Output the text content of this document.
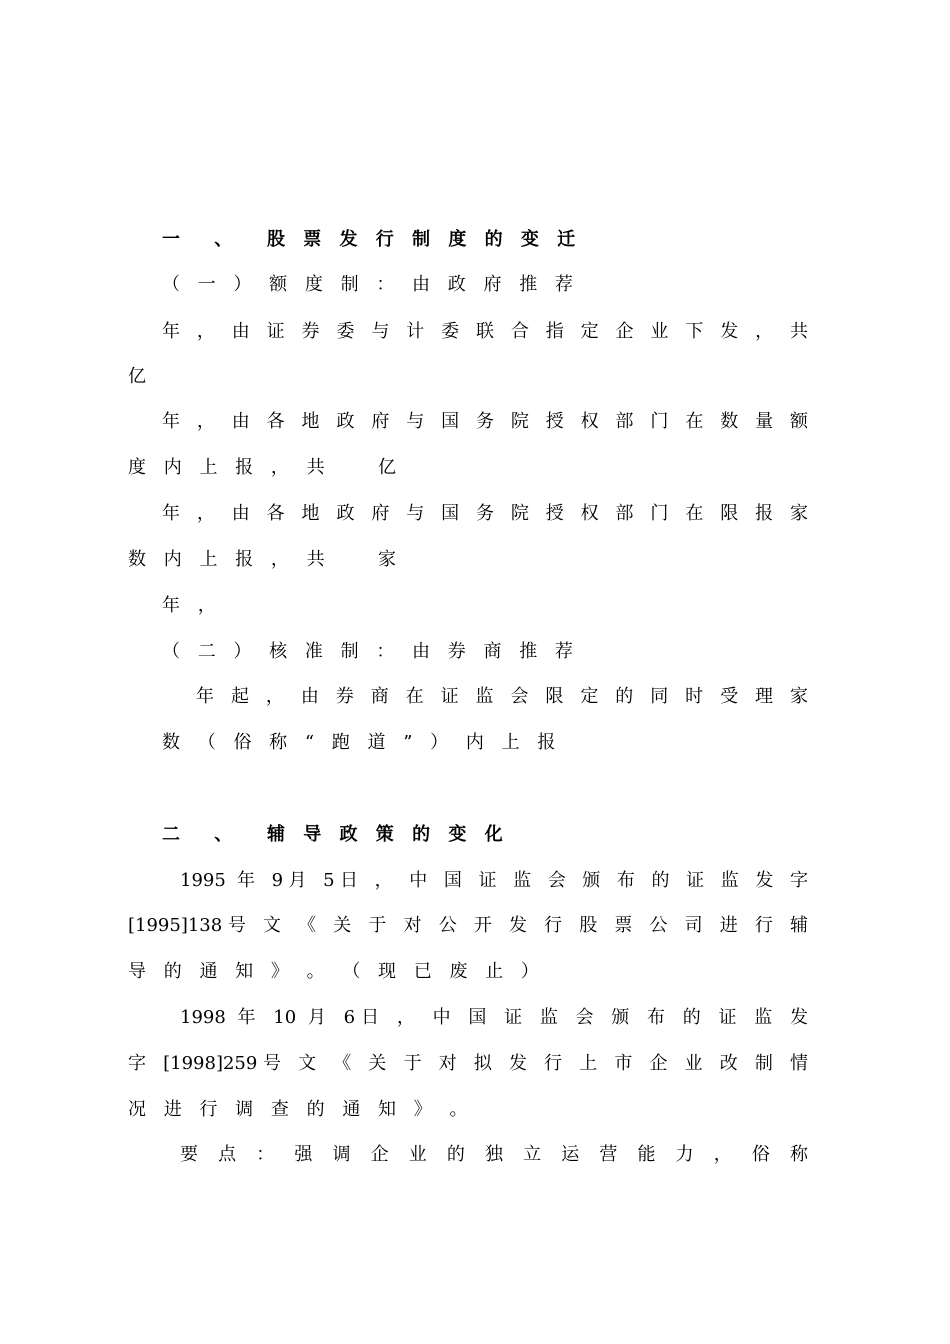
一 、 股 票 发 行 制 度 的 变 迁
（ 一 ） 额 度 制 ： 由 政 府 推 荐
年 ， 由 证 券 委 与 计 委 联 合 指 定 企 业 下 发 ， 共
亿
年 ， 由 各 地 政 府 与 国 务 院 授 权 部 门 在 数 量 额
度 内 上 报 ， 共 　 亿
年 ， 由 各 地 政 府 与 国 务 院 授 权 部 门 在 限 报 家
数 内 上 报 ， 共 　 家
年 ，
（ 二 ） 核 准 制 ： 由 券 商 推 荐
年 起 ， 由 券 商 在 证 监 会 限 定 的 同 时 受 理 家
数 （ 俗 称 “ 跑 道 ” ） 内 上 报
二 、 辅 导 政 策 的 变 化
1995 年 9月 5日 ， 中 国 证 监 会 颁 布 的 证 监 发 字
[1995]138号 文 《 关 于 对 公 开 发 行 股 票 公 司 进 行 辅
导 的 通 知 》 。 （ 现 已 废 止 ）
1998 年 10 月 6日 ， 中 国 证 监 会 颁 布 的 证 监 发
字 [1998]259号 文 《 关 于 对 拟 发 行 上 市 企 业 改 制 情
况 进 行 调 查 的 通 知 》 。
要 点 ： 强 调 企 业 的 独 立 运 营 能 力 ， 俗 称
